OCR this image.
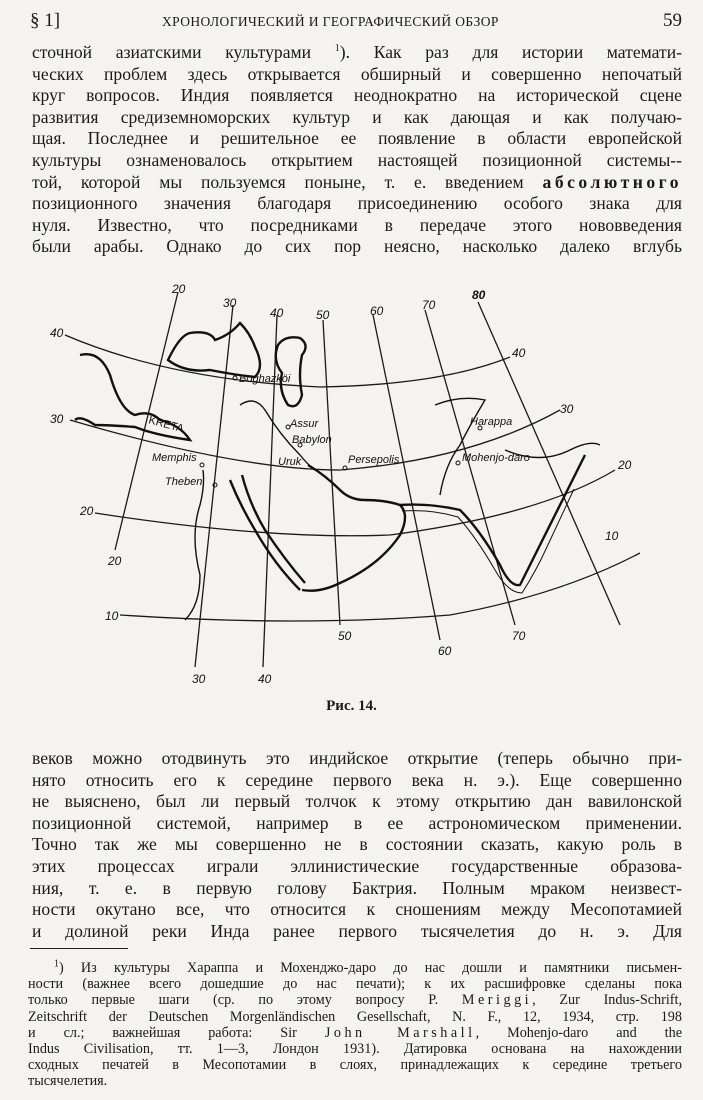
§ 1]	ХРОНОЛОГИЧЕСКИЙ И ГЕОГРАФИЧЕСКИЙ ОБЗОР	59
сточной азиатскими культурами $^1$). Как раз для истории математи-
ческих проблем здесь открывается обширный и совершенно непочатый
круг вопросов. Индия появляется неоднократно на исторической сцене
развития средиземноморских культур и как дающая и как получаю-
щая. Последнее и решительное ее появление в области европейской
культуры ознаменовалось открытием настоящей позиционной системы--
той, которой мы пользуемся поныне, т. е. введением абсолютного
позиционного значения благодаря присоединению особого знака для
нуля. Известно, что посредниками в передаче этого нововведения
были арабы. Однако до сих пор неясно, насколько далеко вглубь
20
30
40	50	60	70
80
20
30	40
50
60
70
40
30
20
10
40
30
20
10
Boghazköi
KRETA
Memphis
Theben
Assur
Babylon
Uruk	Persepolis
Harappa
Mohenjo-daro
Рис. 14.
веков можно отодвинуть это индийское открытие (теперь обычно при-
нято относить его к середине первого века н. э.). Еще совершенно
не выяснено, был ли первый толчок к этому открытию дан вавилонской
позиционной системой, например в ее астрономическом применении.
Точно так же мы совершенно не в состоянии сказать, какую роль в
этих процессах играли эллинистические государственные образова-
ния, т. е. в первую голову Бактрия. Полным мраком неизвест-
ности окутано все, что относится к сношениям между Месопотамией
и долиной реки Инда ранее первого тысячелетия до н. э. Для
$^1$) Из культуры Хараппа и Мохенджо-даро до нас дошли и памятники письмен-
ности (важнее всего дошедшие до нас печати); к их расшифровке сделаны пока
только первые шаги (ср. по этому вопросу P. Meriggi, Zur Indus-Schrift,
Zeitschrift der Deutschen Morgenländischen Gesellschaft, N. F., 12, 1934, стр. 198
и сл.; важнейшая работа: Sir John Marshall, Mohenjo-daro and the
Indus Civilisation, тт. 1—3, Лондон 1931). Датировка основана на нахождении
сходных печатей в Месопотамии в слоях, принадлежащих к середине третьего
тысячелетия.
